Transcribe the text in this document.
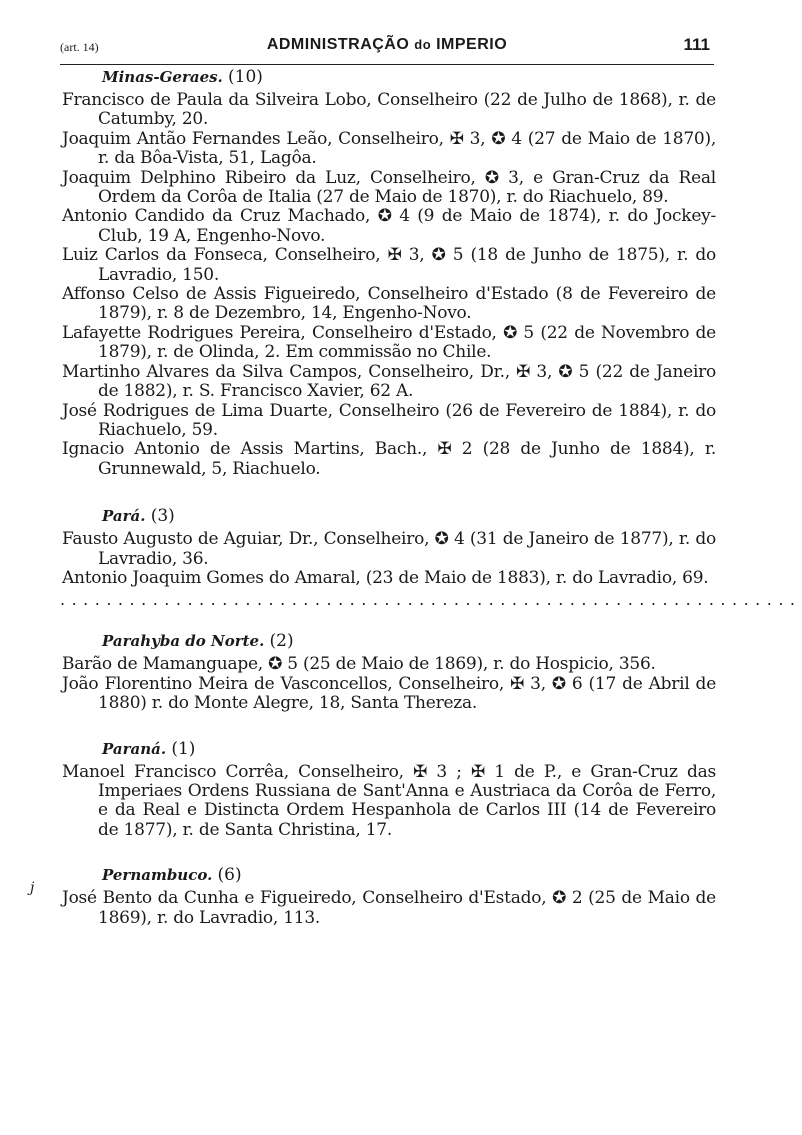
(art. 14)	ADMINISTRAÇÃO do IMPERIO	111
j
Minas-Geraes. (10)

Francisco de Paula da Silveira Lobo, Conselheiro (22 de Julho de 1868), r. de Catumby, 20.

Joaquim Antão Fernandes Leão, Conselheiro, ✠ 3, ✪ 4 (27 de Maio de 1870), r. da Bôa-Vista, 51, Lagôa.

Joaquim Delphino Ribeiro da Luz, Conselheiro, ✪ 3, e Gran-Cruz da Real Ordem da Corôa de Italia (27 de Maio de 1870), r. do Riachuelo, 89.

Antonio Candido da Cruz Machado, ✪ 4 (9 de Maio de 1874), r. do Jockey-Club, 19 A, Engenho-Novo.

Luiz Carlos da Fonseca, Conselheiro, ✠ 3, ✪ 5 (18 de Junho de 1875), r. do Lavradio, 150.

Affonso Celso de Assis Figueiredo, Conselheiro d'Estado (8 de Fevereiro de 1879), r. 8 de Dezembro, 14, Engenho-Novo.

Lafayette Rodrigues Pereira, Conselheiro d'Estado, ✪ 5 (22 de Novembro de 1879), r. de Olinda, 2. Em commissão no Chile.

Martinho Alvares da Silva Campos, Conselheiro, Dr., ✠ 3, ✪ 5 (22 de Janeiro de 1882), r. S. Francisco Xavier, 62 A.

José Rodrigues de Lima Duarte, Conselheiro (26 de Fevereiro de 1884), r. do Riachuelo, 59.

Ignacio Antonio de Assis Martins, Bach., ✠ 2 (28 de Junho de 1884), r. Grunnewald, 5, Riachuelo.

Pará. (3)

Fausto Augusto de Aguiar, Dr., Conselheiro, ✪ 4 (31 de Janeiro de 1877), r. do Lavradio, 36.

Antonio Joaquim Gomes do Amaral, (23 de Maio de 1883), r. do Lavradio, 69.

................................................................
Parahyba do Norte. (2)

Barão de Mamanguape, ✪ 5 (25 de Maio de 1869), r. do Hospicio, 356.

João Florentino Meira de Vasconcellos, Conselheiro, ✠ 3, ✪ 6 (17 de Abril de 1880) r. do Monte Alegre, 18, Santa Thereza.

Paraná. (1)

Manoel Francisco Corrêa, Conselheiro, ✠ 3 ; ✠ 1 de P., e Gran-Cruz das Imperiaes Ordens Russiana de Sant'Anna e Austriaca da Corôa de Ferro, e da Real e Distincta Ordem Hespanhola de Carlos III (14 de Fevereiro de 1877), r. de Santa Christina, 17.

Pernambuco. (6)

José Bento da Cunha e Figueiredo, Conselheiro d'Estado, ✪ 2 (25 de Maio de 1869), r. do Lavradio, 113.
